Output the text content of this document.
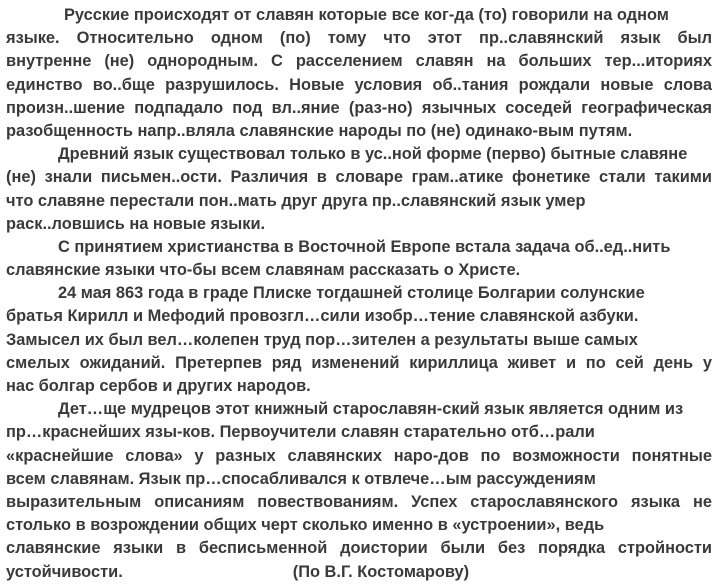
Русские происходят от славян которые все ког-да (то) говорили на одном
языке. Относительно одном (по) тому что этот пр..славянский язык был
внутренне (не) однородным. С расселением славян на больших тер...иториях
единство во..бще разрушилось. Новые условия об..тания рождали новые слова
произн..шение подпадало под вл..яние (раз-но) язычных соседей географическая
разобщенность напр..вляла славянские народы по (не) одинако-вым путям.
Древний язык существовал только в ус..ной форме (перво) бытные славяне
(не) знали письмен..ости. Различия в словаре грам..атике фонетике стали такими
что славяне перестали пон..мать друг друга пр..славянский язык умер
раск..ловшись на новые языки.
С принятием христианства в Восточной Европе встала задача об..ед..нить
славянские языки что-бы всем славянам рассказать о Христе.
24 мая 863 года в граде Плиске тогдашней столице Болгарии солунские
братья Кирилл и Мефодий провозгл…сили изобр…тение славянской азбуки.
Замысел их был вел…колепен труд пор…зителен а результаты выше самых
смелых ожиданий. Претерпев ряд изменений кириллица живет и по сей день у
нас болгар сербов и других народов.
Дет…ще мудрецов этот книжный старославян-ский язык является одним из
пр…краснейших язы-ков. Первоучители славян старательно отб…рали
«краснейшие слова» у разных славянских наро-дов по возможности понятные
всем славянам. Язык пр…спосабливался к отвлече…ым рассуждениям
выразительным описаниям повествованиям. Успех старославянского языка не
столько в возрождении общих черт сколько именно в «устроении», ведь
славянские языки в бесписьменной доистории были без порядка стройности
устойчивости.	(По В.Г. Костомарову)
